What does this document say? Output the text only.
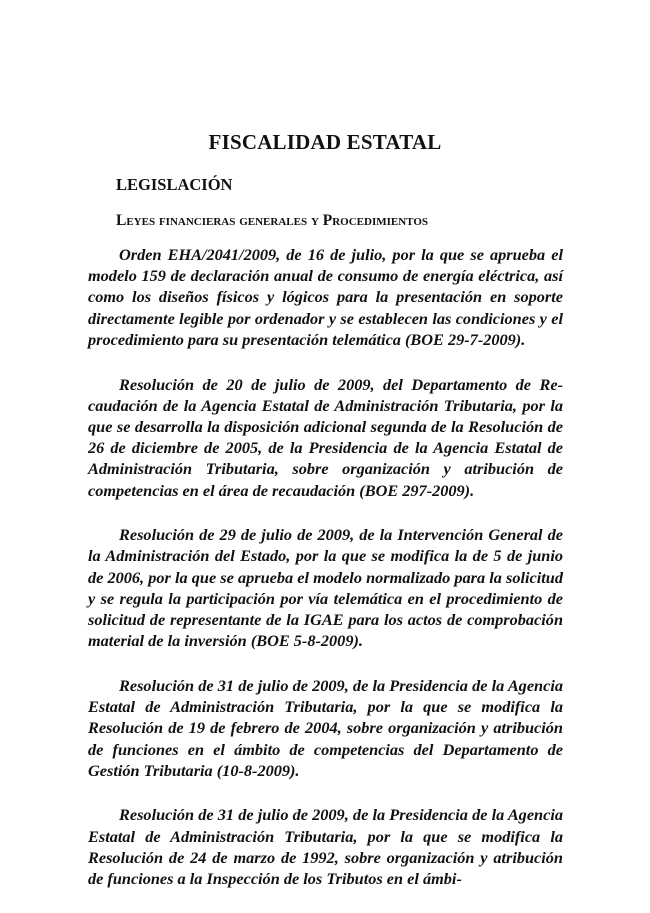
FISCALIDAD ESTATAL
LEGISLACIÓN
Leyes financieras generales y Procedimientos

Orden EHA/2041/2009, de 16 de julio, por la que se aprueba el modelo 159 de declaración anual de consumo de energía eléctrica, así como los diseños físicos y lógicos para la presentación en soporte directamente legible por ordenador y se establecen las condiciones y el procedimiento para su presentación telemática (BOE 29-7-2009).

Resolución de 20 de julio de 2009, del Departamento de Recaudación de la Agencia Estatal de Administración Tributaria, por la que se desarrolla la disposición adicional segunda de la Resolución de 26 de diciembre de 2005, de la Presidencia de la Agencia Estatal de Administración Tributaria, sobre organización y atribución de competencias en el área de recaudación (BOE 297-2009).

Resolución de 29 de julio de 2009, de la Intervención General de la Administración del Estado, por la que se modifica la de 5 de junio de 2006, por la que se aprueba el modelo normalizado para la solicitud y se regula la participación por vía telemática en el procedimiento de solicitud de representante de la IGAE para los actos de comprobación material de la inversión (BOE 5-8-2009).

Resolución de 31 de julio de 2009, de la Presidencia de la Agencia Estatal de Administración Tributaria, por la que se modifica la Resolución de 19 de febrero de 2004, sobre organización y atribución de funciones en el ámbito de competencias del Departamento de Gestión Tributaria (10-8-2009).

Resolución de 31 de julio de 2009, de la Presidencia de la Agencia Estatal de Administración Tributaria, por la que se modifica la Resolución de 24 de marzo de 1992, sobre organización y atribución de funciones a la Inspección de los Tributos en el ámbi-
